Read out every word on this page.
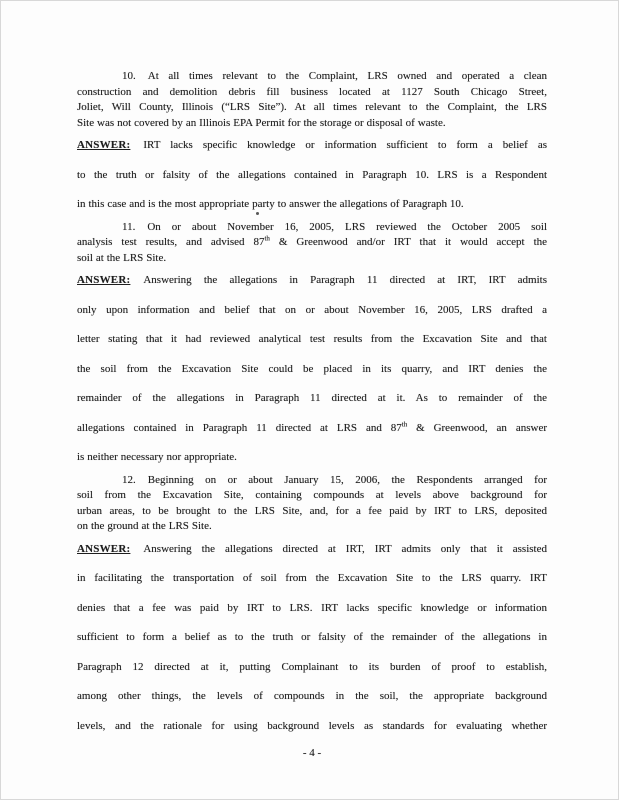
10. At all times relevant to the Complaint, LRS owned and operated a clean
construction and demolition debris fill business located at 1127 South Chicago Street,
Joliet, Will County, Illinois (“LRS Site”). At all times relevant to the Complaint, the LRS
Site was not covered by an Illinois EPA Permit for the storage or disposal of waste.
ANSWER: IRT lacks specific knowledge or information sufficient to form a belief as
to the truth or falsity of the allegations contained in Paragraph 10. LRS is a Respondent
in this case and is the most appropriate party to answer the allegations of Paragraph 10.
11. On or about November 16, 2005, LRS reviewed the October 2005 soil
analysis test results, and advised 87th & Greenwood and/or IRT that it would accept the
soil at the LRS Site.
ANSWER: Answering the allegations in Paragraph 11 directed at IRT, IRT admits
only upon information and belief that on or about November 16, 2005, LRS drafted a
letter stating that it had reviewed analytical test results from the Excavation Site and that
the soil from the Excavation Site could be placed in its quarry, and IRT denies the
remainder of the allegations in Paragraph 11 directed at it. As to remainder of the
allegations contained in Paragraph 11 directed at LRS and 87th & Greenwood, an answer
is neither necessary nor appropriate.
12. Beginning on or about January 15, 2006, the Respondents arranged for
soil from the Excavation Site, containing compounds at levels above background for
urban areas, to be brought to the LRS Site, and, for a fee paid by IRT to LRS, deposited
on the ground at the LRS Site.
ANSWER: Answering the allegations directed at IRT, IRT admits only that it assisted
in facilitating the transportation of soil from the Excavation Site to the LRS quarry. IRT
denies that a fee was paid by IRT to LRS. IRT lacks specific knowledge or information
sufficient to form a belief as to the truth or falsity of the remainder of the allegations in
Paragraph 12 directed at it, putting Complainant to its burden of proof to establish,
among other things, the levels of compounds in the soil, the appropriate background
levels, and the rationale for using background levels as standards for evaluating whether
- 4 -
